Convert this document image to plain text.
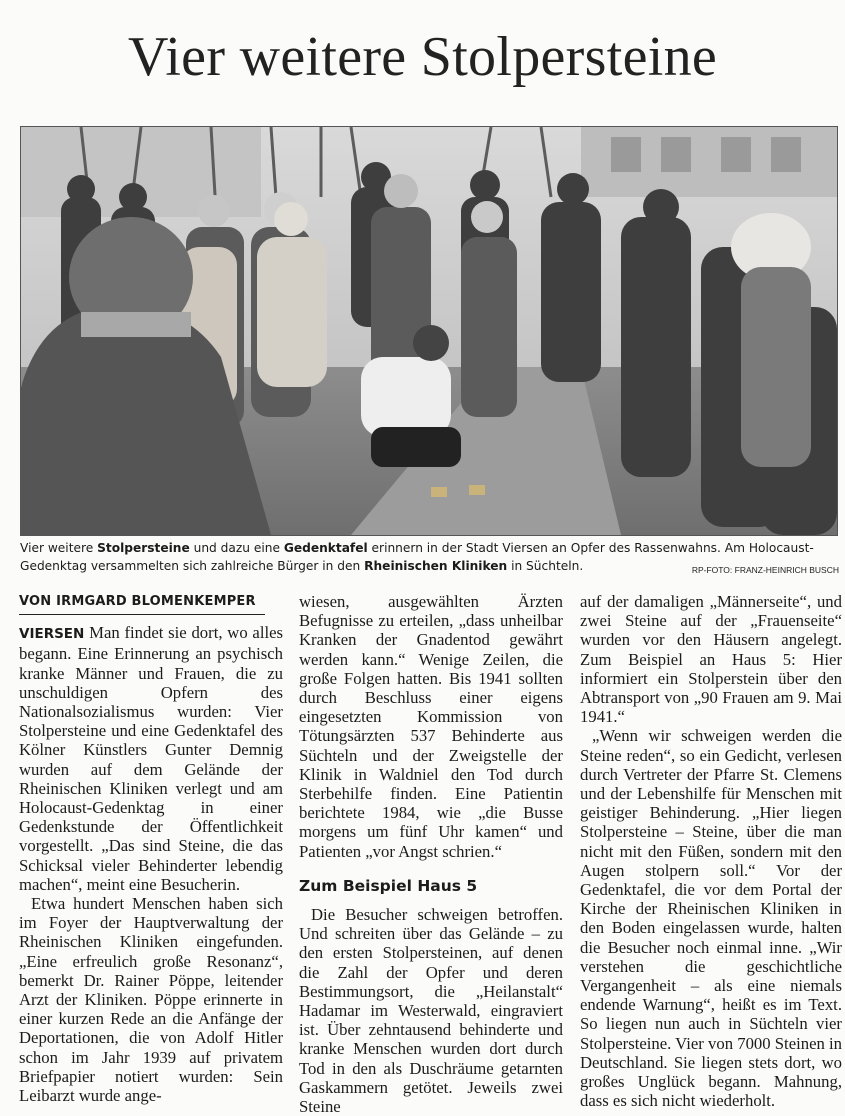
Vier weitere Stolpersteine
Vier weitere Stolpersteine und dazu eine Gedenktafel erinnern in der Stadt Viersen an Opfer des Rassenwahns. Am Holocaust-Gedenktag versammelten sich zahlreiche Bürger in den Rheinischen Kliniken in Süchteln.	RP-FOTO: FRANZ-HEINRICH BUSCH
VON IRMGARD BLOMENKEMPER

VIERSEN Man findet sie dort, wo alles begann. Eine Erinnerung an psychisch kranke Männer und Frauen, die zu unschuldigen Opfern des Nationalsozialismus wurden: Vier Stolpersteine und eine Gedenktafel des Kölner Künstlers Gunter Demnig wurden auf dem Gelände der Rheinischen Kliniken verlegt und am Holocaust-Gedenktag in einer Gedenkstunde der Öffentlichkeit vorgestellt. „Das sind Steine, die das Schicksal vieler Behinderter lebendig machen“, meint eine Besucherin.

Etwa hundert Menschen haben sich im Foyer der Hauptverwaltung der Rheinischen Kliniken eingefunden. „Eine erfreulich große Resonanz“, bemerkt Dr. Rainer Pöppe, leitender Arzt der Kliniken. Pöppe erinnerte in einer kurzen Rede an die Anfänge der Deportationen, die von Adolf Hitler schon im Jahr 1939 auf privatem Briefpapier notiert wurden: Sein Leibarzt wurde ange-

wiesen, ausgewählten Ärzten Befugnisse zu erteilen, „dass unheilbar Kranken der Gnadentod gewährt werden kann.“ Wenige Zeilen, die große Folgen hatten. Bis 1941 sollten durch Beschluss einer eigens eingesetzten Kommission von Tötungsärzten 537 Behinderte aus Süchteln und der Zweigstelle der Klinik in Waldniel den Tod durch Sterbehilfe finden. Eine Patientin berichtete 1984, wie „die Busse morgens um fünf Uhr kamen“ und Patienten „vor Angst schrien.“

Zum Beispiel Haus 5

Die Besucher schweigen betroffen. Und schreiten über das Gelände – zu den ersten Stolpersteinen, auf denen die Zahl der Opfer und deren Bestimmungsort, die „Heilanstalt“ Hadamar im Westerwald, eingraviert ist. Über zehntausend behinderte und kranke Menschen wurden dort durch Tod in den als Duschräume getarnten Gaskammern getötet. Jeweils zwei Steine

auf der damaligen „Männerseite“, und zwei Steine auf der „Frauenseite“ wurden vor den Häusern angelegt. Zum Beispiel an Haus 5: Hier informiert ein Stolperstein über den Abtransport von „90 Frauen am 9. Mai 1941.“

„Wenn wir schweigen werden die Steine reden“, so ein Gedicht, verlesen durch Vertreter der Pfarre St. Clemens und der Lebenshilfe für Menschen mit geistiger Behinderung. „Hier liegen Stolpersteine – Steine, über die man nicht mit den Füßen, sondern mit den Augen stolpern soll.“ Vor der Gedenktafel, die vor dem Portal der Kirche der Rheinischen Kliniken in den Boden eingelassen wurde, halten die Besucher noch einmal inne. „Wir verstehen die geschichtliche Vergangenheit – als eine niemals endende Warnung“, heißt es im Text. So liegen nun auch in Süchteln vier Stolpersteine. Vier von 7000 Steinen in Deutschland. Sie liegen stets dort, wo großes Unglück begann. Mahnung, dass es sich nicht wiederholt.
